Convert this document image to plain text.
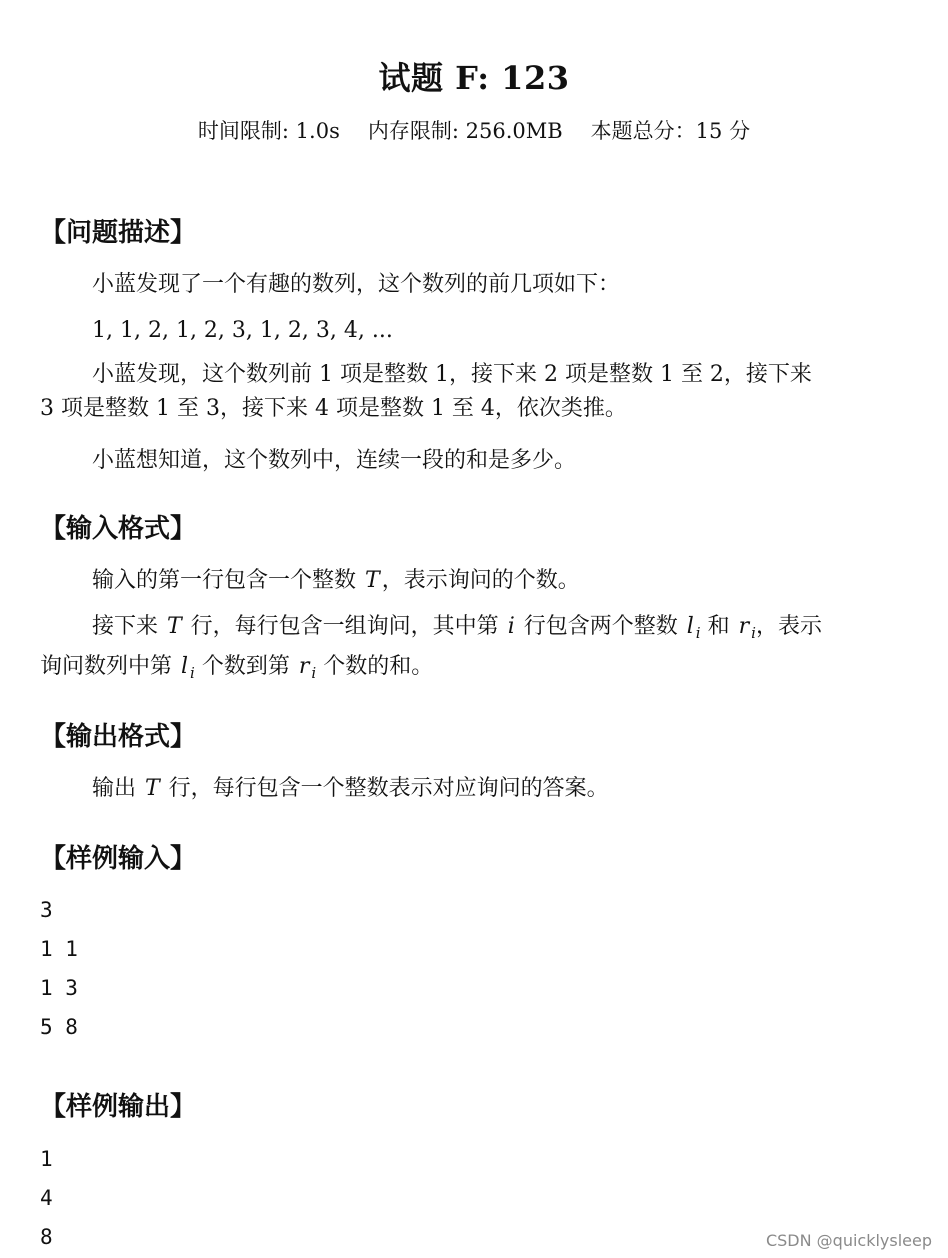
试题 F: 123
时间限制: 1.0s 内存限制: 256.0MB 本题总分：15 分
【问题描述】
小蓝发现了一个有趣的数列，这个数列的前几项如下：
1, 1, 2, 1, 2, 3, 1, 2, 3, 4, ...
小蓝发现，这个数列前 1 项是整数 1，接下来 2 项是整数 1 至 2，接下来
3 项是整数 1 至 3，接下来 4 项是整数 1 至 4，依次类推。
小蓝想知道，这个数列中，连续一段的和是多少。
【输入格式】
输入的第一行包含一个整数 T，表示询问的个数。
接下来 T 行，每行包含一组询问，其中第 i 行包含两个整数 l $_i$ 和 r $_i$，表示
询问数列中第 l $_i$ 个数到第 r $_i$ 个数的和。
【输出格式】
输出 T 行，每行包含一个整数表示对应询问的答案。
【样例输入】
3
1 1
1 3
5 8
【样例输出】
1
4
8	CSDN @quicklysleep
